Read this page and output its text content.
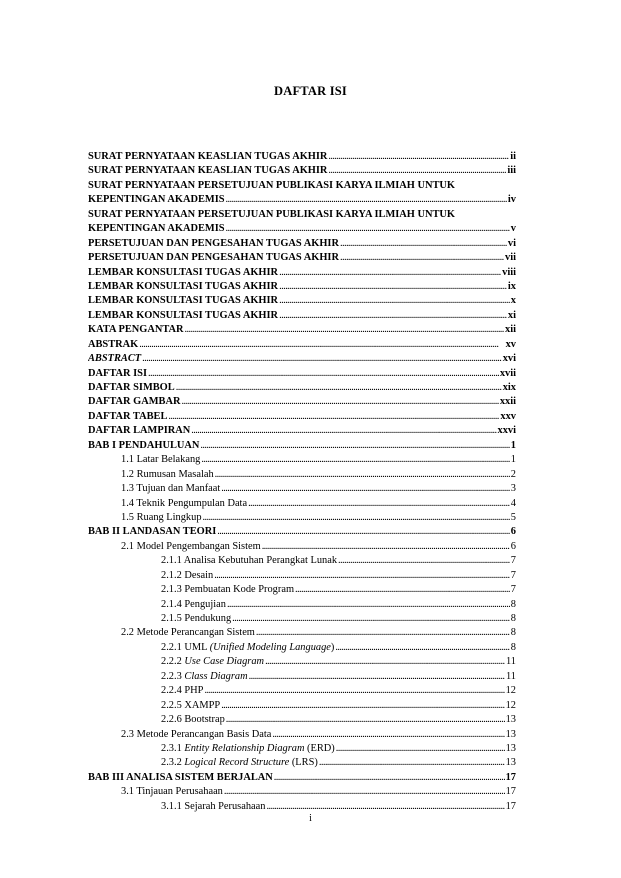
DAFTAR ISI
SURAT PERNYATAAN KEASLIAN TUGAS AKHIR . . .	ii
SURAT PERNYATAAN KEASLIAN TUGAS AKHIR . . .	iii
SURAT PERNYATAAN PERSETUJUAN PUBLIKASI KARYA ILMIAH UNTUK
KEPENTINGAN AKADEMIS . . .	iv
SURAT PERNYATAAN PERSETUJUAN PUBLIKASI KARYA ILMIAH UNTUK
KEPENTINGAN AKADEMIS . . .	v
PERSETUJUAN DAN PENGESAHAN TUGAS AKHIR . . .	vi
PERSETUJUAN DAN PENGESAHAN TUGAS AKHIR . . .	vii
LEMBAR KONSULTASI TUGAS AKHIR . . .	viii
LEMBAR KONSULTASI TUGAS AKHIR . . .	ix
LEMBAR KONSULTASI TUGAS AKHIR . . .	x
LEMBAR KONSULTASI TUGAS AKHIR . . .	xi
KATA PENGANTAR . . .	xii
ABSTRAK . . .	xv
ABSTRACT . . .	xvi
DAFTAR ISI . . .	xvii
DAFTAR SIMBOL . . .	xix
DAFTAR GAMBAR . . .	xxii
DAFTAR TABEL . . .	xxv
DAFTAR LAMPIRAN . . .	xxvi
BAB I PENDAHULUAN . . .	1
1.1 Latar Belakang . . .	1
1.2 Rumusan Masalah . . .	2
1.3 Tujuan dan Manfaat . . .	3
1.4 Teknik Pengumpulan Data . . .	4
1.5 Ruang Lingkup . . .	5
BAB II LANDASAN TEORI . . .	6
2.1 Model Pengembangan Sistem . . .	6
2.1.1 Analisa Kebutuhan Perangkat Lunak . . .	7
2.1.2 Desain . . .	7
2.1.3 Pembuatan Kode Program . . .	7
2.1.4 Pengujian . . .	8
2.1.5 Pendukung . . .	8
2.2 Metode Perancangan Sistem . . .	8
2.2.1 UML (Unified Modeling Language) . . .	8
2.2.2 Use Case Diagram . . .	11
2.2.3 Class Diagram . . .	11
2.2.4 PHP . . .	12
2.2.5 XAMPP . . .	12
2.2.6 Bootstrap . . .	13
2.3 Metode Perancangan Basis Data . . .	13
2.3.1 Entity Relationship Diagram (ERD) . . .	13
2.3.2 Logical Record Structure (LRS) . . .	13
BAB III ANALISA SISTEM BERJALAN . . .	17
3.1 Tinjauan Perusahaan . . .	17
3.1.1 Sejarah Perusahaan . . .	17
i
